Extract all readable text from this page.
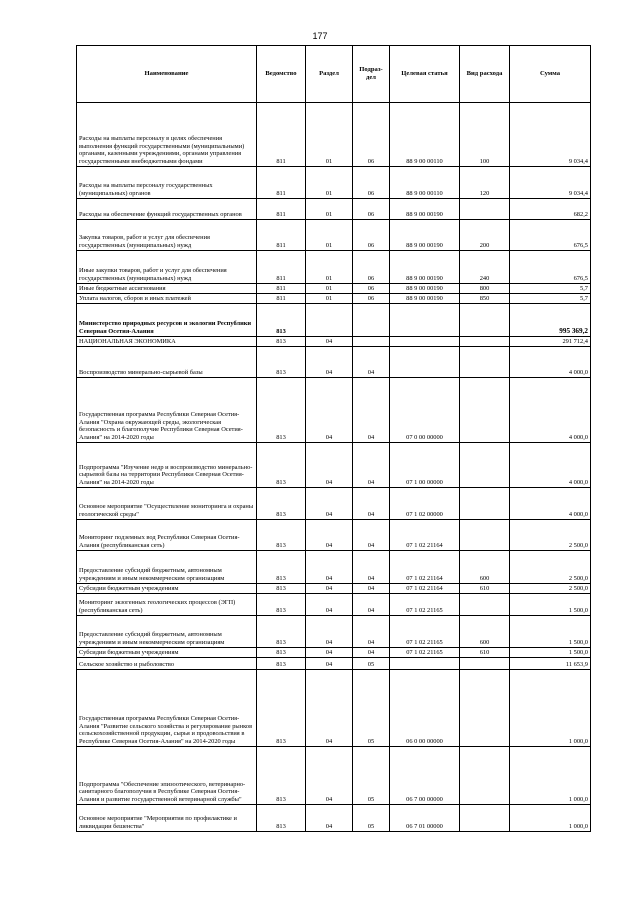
177
Наименование	Ведомство	Раздел	Подраз-дел	Целевая статья	Вид расхода	Сумма
Расходы на выплаты персоналу в целях обеспечения выполнения функций государственными (муниципальными) органами, казенными учреждениями, органами управления государственными внебюджетными фондами	811	01	06	88 9 00 00110	100	9 034,4
Расходы на выплаты персоналу государственных (муниципальных) органов	811	01	06	88 9 00 00110	120	9 034,4
Расходы на обеспечение функций государственных органов	811	01	06	88 9 00 00190		682,2
Закупка товаров, работ и услуг для обеспечения государственных (муниципальных) нужд	811	01	06	88 9 00 00190	200	676,5
Иные закупки товаров, работ и услуг для обеспечения государственных (муниципальных) нужд	811	01	06	88 9 00 00190	240	676,5
Иные бюджетные ассигнования	811	01	06	88 9 00 00190	800	5,7
Уплата налогов, сборов и иных платежей	811	01	06	88 9 00 00190	850	5,7
Министерство природных ресурсов и экологии Республики Северная Осетия-Алания	813					995 369,2
НАЦИОНАЛЬНАЯ ЭКОНОМИКА	813	04				291 712,4
Воспроизводство минерально-сырьевой базы	813	04	04			4 000,0
Государственная программа Республики Северная Осетия-Алания "Охрана окружающей среды, экологическая безопасность и благополучие Республики Северная Осетия-Алания" на 2014-2020 годы	813	04	04	07 0 00 00000		4 000,0
Подпрограмма "Изучение недр и воспроизводство минерально-сырьевой базы на территории Республики Северная Осетия-Алания" на 2014-2020 годы	813	04	04	07 1 00 00000		4 000,0
Основное мероприятие "Осуществление мониторинга и охраны геологической среды"	813	04	04	07 1 02 00000		4 000,0
Мониторинг подземных вод Республики Северная Осетия-Алания (республиканская сеть)	813	04	04	07 1 02 21164		2 500,0
Предоставление субсидий бюджетным, автономным учреждениям и иным некоммерческим организациям	813	04	04	07 1 02 21164	600	2 500,0
Субсидии бюджетным учреждениям	813	04	04	07 1 02 21164	610	2 500,0
Мониторинг экзогенных геологических процессов (ЭГП) (республиканская сеть)	813	04	04	07 1 02 21165		1 500,0
Предоставление субсидий бюджетным, автономным учреждениям и иным некоммерческим организациям	813	04	04	07 1 02 21165	600	1 500,0
Субсидии бюджетным учреждениям	813	04	04	07 1 02 21165	610	1 500,0
Сельское хозяйство и рыболовство	813	04	05			11 653,9
Государственная программа Республики Северная Осетия-Алания "Развитие сельского хозяйства и регулирование рынков сельскохозяйственной продукции, сырья и продовольствия в Республике Северная Осетия-Алания" на 2014-2020 годы	813	04	05	06 0 00 00000		1 000,0
Подпрограмма "Обеспечение эпизоотического, ветеринарно-санитарного благополучия в Республике Северная Осетия-Алания и развитие государственной ветеринарной службы"	813	04	05	06 7 00 00000		1 000,0
Основное мероприятие "Мероприятия по профилактике и ликвидации бешенства"	813	04	05	06 7 01 00000		1 000,0
